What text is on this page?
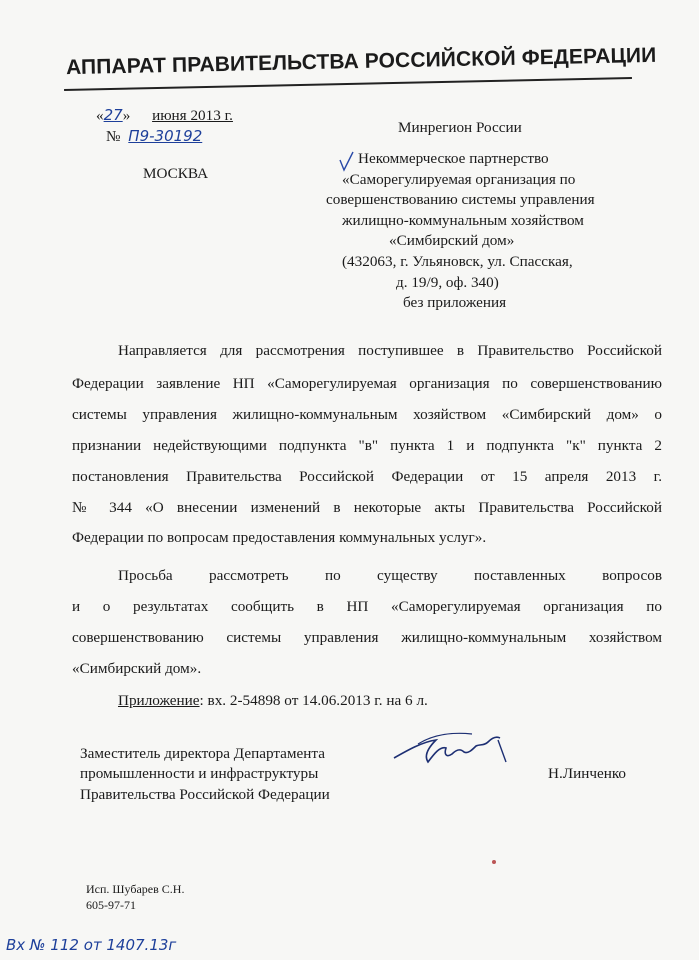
АППАРАТ ПРАВИТЕЛЬСТВА РОССИЙСКОЙ ФЕДЕРАЦИИ
«27» июня 2013 г.
№ П9-30192
МОСКВА
Минрегион России
Некоммерческое партнерство
«Саморегулируемая организация по
совершенствованию системы управления
жилищно-коммунальным хозяйством
«Симбирский дом»
(432063, г. Ульяновск, ул. Спасская,
д. 19/9, оф. 340)
без приложения
Направляется для рассмотрения поступившее в Правительство Российской
Федерации заявление НП «Саморегулируемая организация по совершенствованию
системы управления жилищно-коммунальным хозяйством «Симбирский дом» о
признании недействующими подпункта "в" пункта 1 и подпункта "к" пункта 2
постановления Правительства Российской Федерации от 15 апреля 2013 г.
№ 344 «О внесении изменений в некоторые акты Правительства Российской
Федерации по вопросам предоставления коммунальных услуг».
Просьба рассмотреть по существу поставленных вопросов
и о результатах сообщить в НП «Саморегулируемая организация по
совершенствованию системы управления жилищно-коммунальным хозяйством
«Симбирский дом».
Приложение: вх. 2-54898 от 14.06.2013 г. на 6 л.
Заместитель директора Департамента
промышленности и инфраструктуры
Правительства Российской Федерации
Н.Линченко
Исп. Шубарев С.Н.
605-97-71
Вх № 112 от 1407.13г
